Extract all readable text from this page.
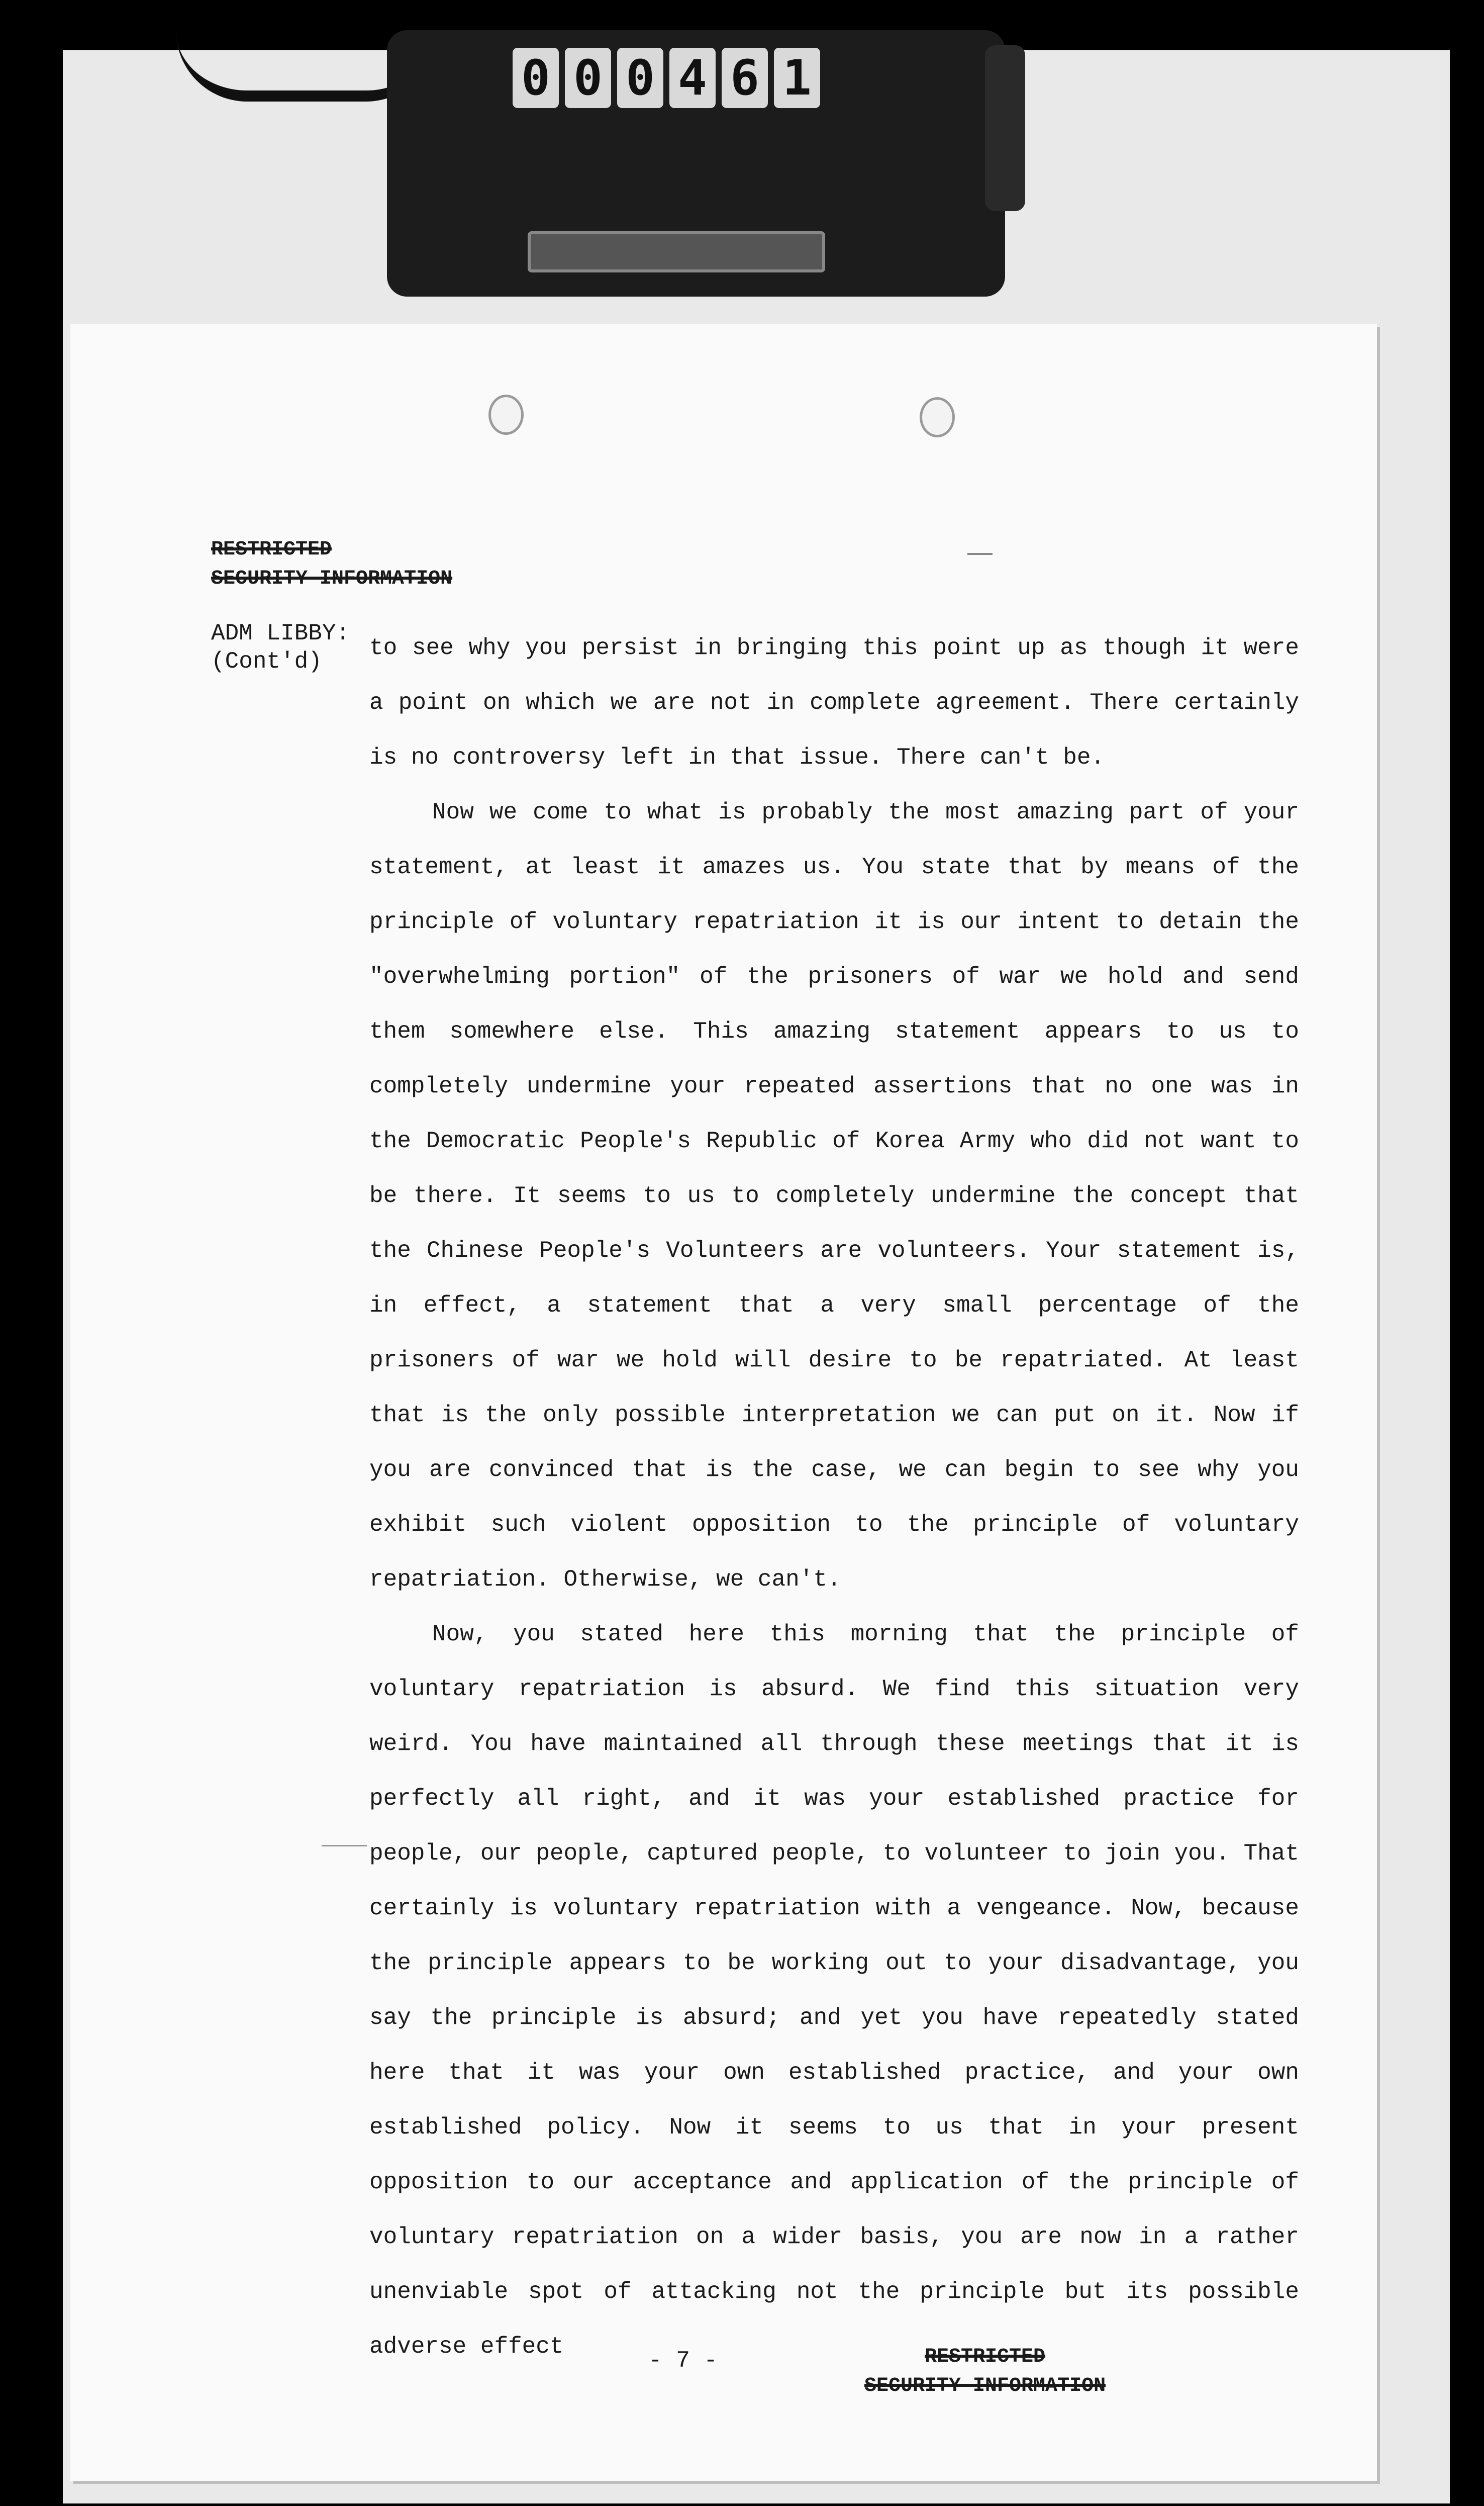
0 0 0 4 6 1
RESTRICTED
SECURITY INFORMATION
ADM LIBBY:
(Cont'd)

to see why you persist in bringing this point up as though it were a point on which we are not in complete agreement. There certainly is no controversy left in that issue. There can't be.

Now we come to what is probably the most amazing part of your statement, at least it amazes us. You state that by means of the principle of voluntary repatriation it is our intent to detain the "overwhelming portion" of the prisoners of war we hold and send them somewhere else. This amazing statement appears to us to completely undermine your repeated assertions that no one was in the Democratic People's Republic of Korea Army who did not want to be there. It seems to us to completely undermine the concept that the Chinese People's Volunteers are volunteers. Your statement is, in effect, a statement that a very small percentage of the prisoners of war we hold will desire to be repatriated. At least that is the only possible interpretation we can put on it. Now if you are convinced that is the case, we can begin to see why you exhibit such violent opposition to the principle of voluntary repatriation. Otherwise, we can't.

Now, you stated here this morning that the principle of voluntary repatriation is absurd. We find this situation very weird. You have maintained all through these meetings that it is perfectly all right, and it was your established practice for people, our people, captured people, to volunteer to join you. That certainly is voluntary repatriation with a vengeance. Now, because the principle appears to be working out to your disadvantage, you say the principle is absurd; and yet you have repeatedly stated here that it was your own established practice, and your own established policy. Now it seems to us that in your present opposition to our acceptance and application of the principle of voluntary repatriation on a wider basis, you are now in a rather unenviable spot of attacking not the principle but its possible adverse effect

- 7 -	RESTRICTED
SECURITY INFORMATION
